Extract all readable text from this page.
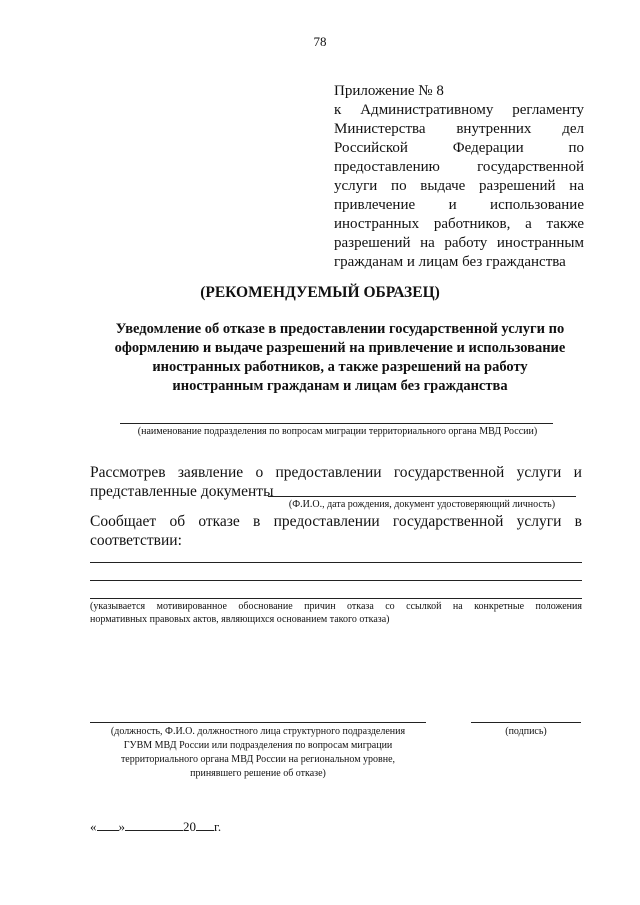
78
Приложение № 8
к Административному регламенту
Министерства внутренних дел
Российской Федерации по
предоставлению государственной
услуги по выдаче разрешений на
привлечение и использование
иностранных работников, а также
разрешений на работу иностранным
гражданам и лицам без гражданства
(РЕКОМЕНДУЕМЫЙ ОБРАЗЕЦ)
Уведомление об отказе в предоставлении государственной услуги по
оформлению и выдаче разрешений на привлечение и использование
иностранных работников, а также разрешений на работу
иностранным гражданам и лицам без гражданства
(наименование подразделения по вопросам миграции территориального органа МВД России)
Рассмотрев заявление о предоставлении государственной услуги и
представленные документы
(Ф.И.О., дата рождения, документ удостоверяющий личность)
Сообщает об отказе в предоставлении государственной услуги в
соответствии:
(указывается мотивированное обоснование причин отказа со ссылкой на конкретные положения
нормативных правовых актов, являющихся основанием такого отказа)
(должность, Ф.И.О. должностного лица структурного подразделения
ГУВМ МВД России или подразделения по вопросам миграции
территориального органа МВД России на региональном уровне,
принявшего решение об отказе)
(подпись)
« »	20 г.
